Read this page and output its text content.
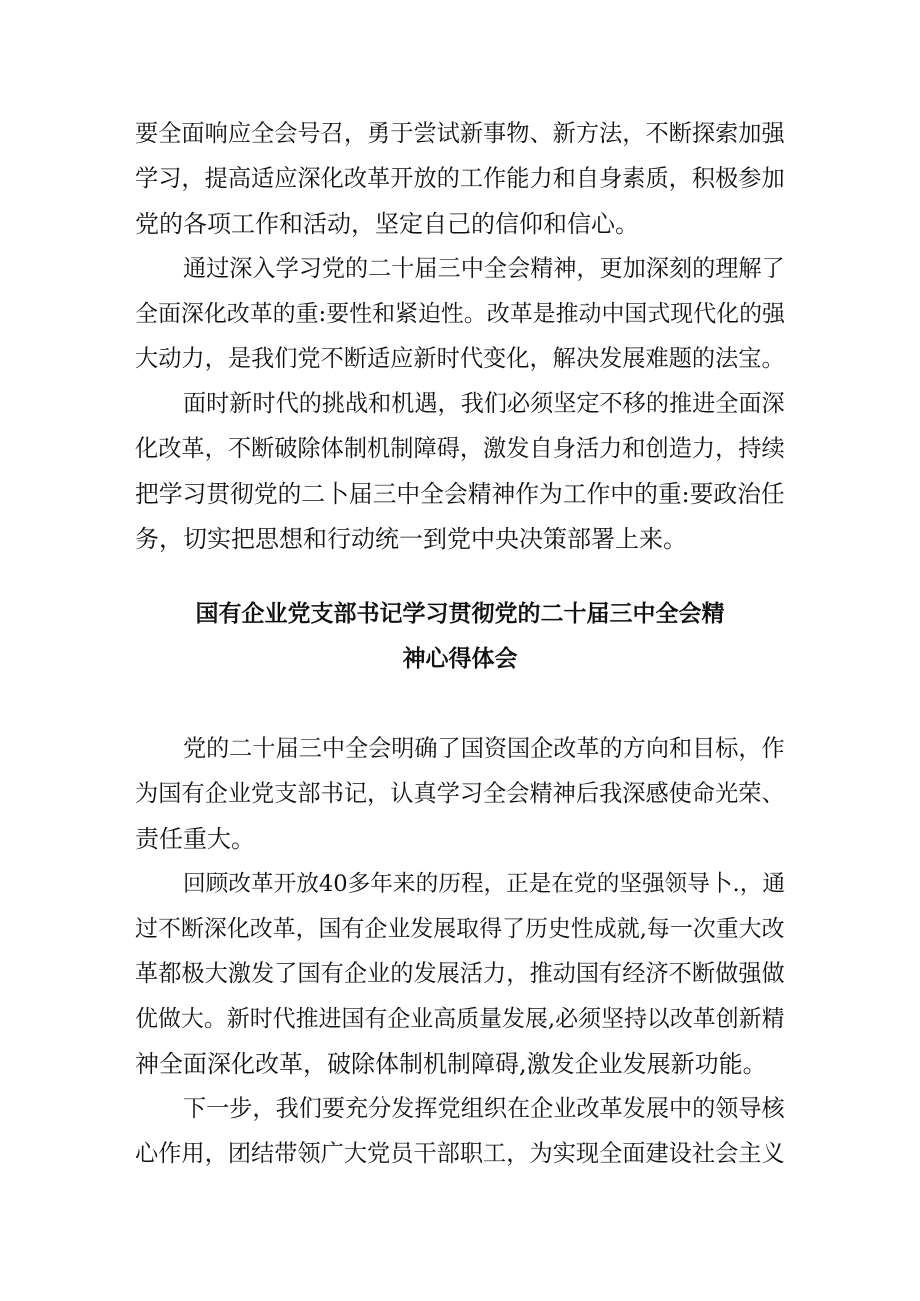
要全面响应全会号召，勇于尝试新事物、新方法，不断探索加强
学习，提高适应深化改革开放的工作能力和自身素质，积极参加
党的各项工作和活动，坚定自己的信仰和信心。
通过深入学习党的二十届三中全会精神，更加深刻的理解了
全面深化改革的重:要性和紧迫性。改革是推动中国式现代化的强
大动力，是我们党不断适应新时代变化，解决发展难题的法宝。
面时新时代的挑战和机遇，我们必须坚定不移的推进全面深
化改革，不断破除体制机制障碍，激发自身活力和创造力，持续
把学习贯彻党的二卜届三中全会精神作为工作中的重:要政治任
务，切实把思想和行动统一到党中央决策部署上来。
国有企业党支部书记学习贯彻党的二十届三中全会精
神心得体会
党的二十届三中全会明确了国资国企改革的方向和目标，作
为国有企业党支部书记，认真学习全会精神后我深感使命光荣、
责任重大。
回顾改革开放40多年来的历程，正是在党的坚强领导卜.，通
过不断深化改革，国有企业发展取得了历史性成就,每一次重大改
革都极大激发了国有企业的发展活力，推动国有经济不断做强做
优做大。新时代推进国有企业高质量发展,必须坚持以改革创新精
神全面深化改革，破除体制机制障碍,激发企业发展新功能。
下一步，我们要充分发挥党组织在企业改革发展中的领导核
心作用，团结带领广大党员干部职工，为实现全面建设社会主义
